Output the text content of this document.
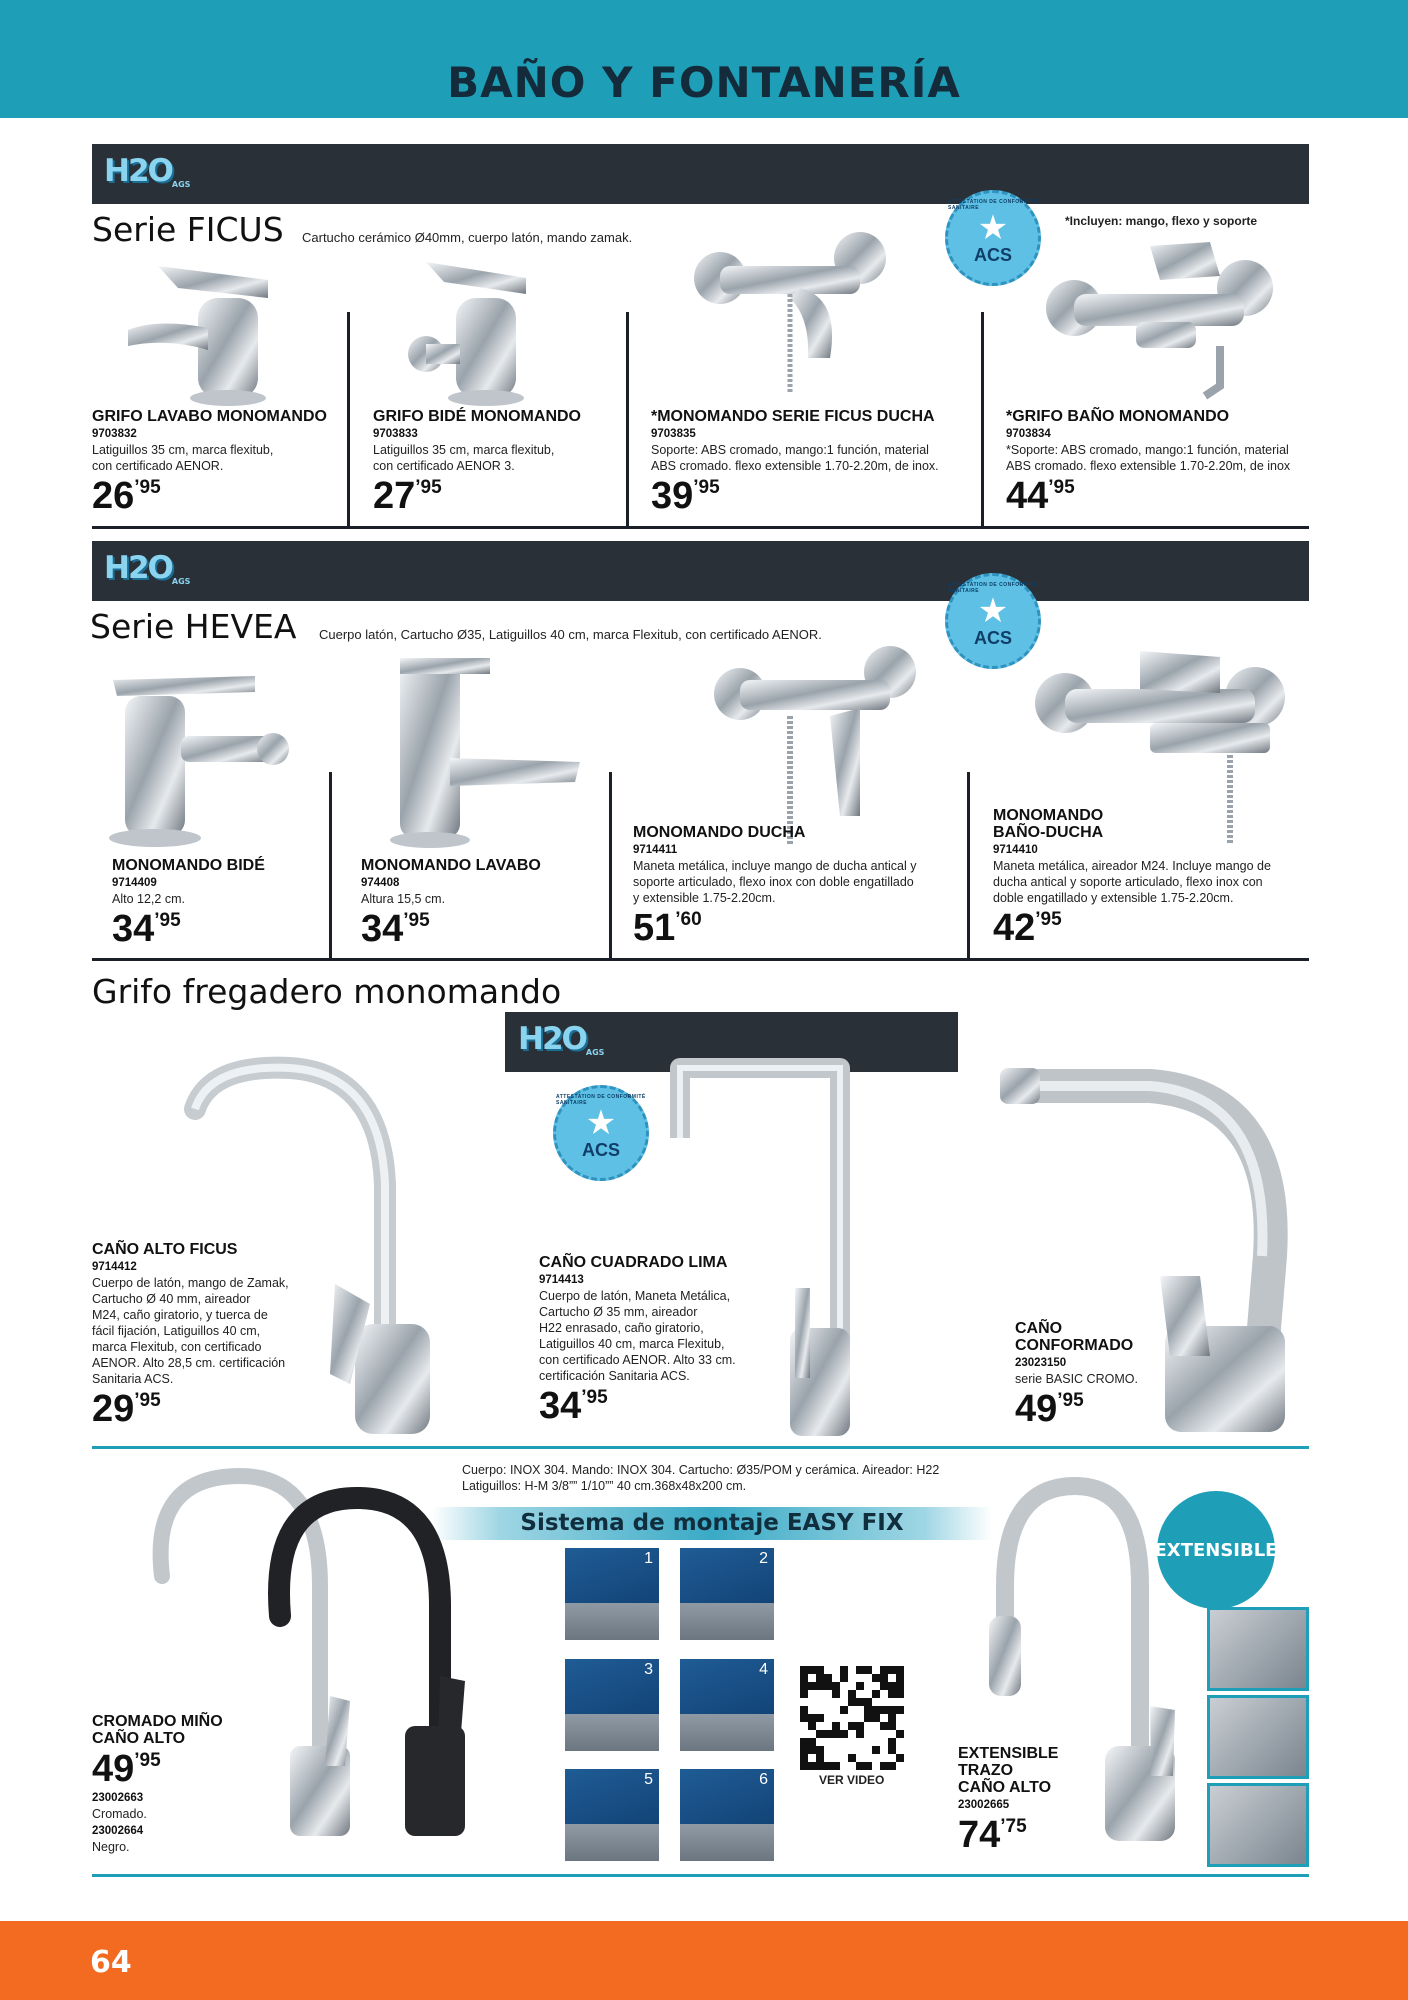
BAÑO Y FONTANERÍA
H2OAGS
Serie FICUS Cartucho cerámico Ø40mm, cuerpo latón, mando zamak.
*Incluyen: mango, flexo y soporte
ATTESTATION DE CONFORMITÉ SANITAIRE
★
ACS
GRIFO LAVABO MONOMANDO
9703832
Latiguillos 35 cm, marca flexitub,
con certificado AENOR.
$26^{’95}$
GRIFO BIDÉ MONOMANDO
9703833
Latiguillos 35 cm, marca flexitub,
con certificado AENOR 3.
$27^{’95}$
*MONOMANDO SERIE FICUS DUCHA
9703835
Soporte: ABS cromado, mango:1 función, material
ABS cromado. flexo extensible 1.70-2.20m, de inox.
$39^{’95}$
*GRIFO BAÑO MONOMANDO
9703834
*Soporte: ABS cromado, mango:1 función, material
ABS cromado. flexo extensible 1.70-2.20m, de inox
$44^{’95}$
H2OAGS
Serie HEVEA Cuerpo latón, Cartucho Ø35, Latiguillos 40 cm, marca Flexitub, con certificado AENOR.
ATTESTATION DE CONFORMITÉ SANITAIRE
★
ACS
MONOMANDO BIDÉ
9714409
Alto 12,2 cm.
$34^{’95}$
MONOMANDO LAVABO
974408
Altura 15,5 cm.
$34^{’95}$
MONOMANDO DUCHA
9714411
Maneta metálica, incluye mango de ducha antical y
soporte articulado, flexo inox con doble engatillado
y extensible 1.75-2.20cm.
$51^{’60}$
MONOMANDO
BAÑO-DUCHA
9714410
Maneta metálica, aireador M24. Incluye mango de
ducha antical y soporte articulado, flexo inox con
doble engatillado y extensible 1.75-2.20cm.
$42^{’95}$
Grifo fregadero monomando
H2OAGS
ATTESTATION DE CONFORMITÉ SANITAIRE
★
ACS
CAÑO ALTO FICUS
9714412
Cuerpo de latón, mango de Zamak,
Cartucho Ø 40 mm, aireador
M24, caño giratorio, y tuerca de
fácil fijación, Latiguillos 40 cm,
marca Flexitub, con certificado
AENOR. Alto 28,5 cm. certificación
Sanitaria ACS.
$29^{’95}$
CAÑO CUADRADO LIMA
9714413
Cuerpo de latón, Maneta Metálica,
Cartucho Ø 35 mm, aireador
H22 enrasado, caño giratorio,
Latiguillos 40 cm, marca Flexitub,
con certificado AENOR. Alto 33 cm.
certificación Sanitaria ACS.
$34^{’95}$
CAÑO
CONFORMADO
23023150
serie BASIC CROMO.
$49^{’95}$
Cuerpo: INOX 304. Mando: INOX 304. Cartucho: Ø35/POM y cerámica. Aireador: H22
Latiguillos: H-M 3/8”” 1/10”” 40 cm.368x48x200 cm.
Sistema de montaje EASY FIX
1	2
3	4
5	6	VER VIDEO
CROMADO MIÑO
CAÑO ALTO
$49^{’95}$
23002663
Cromado.
23002664
Negro.
EXTENSIBLE
EXTENSIBLE
TRAZO
CAÑO ALTO
23002665
$74^{’75}$
64
